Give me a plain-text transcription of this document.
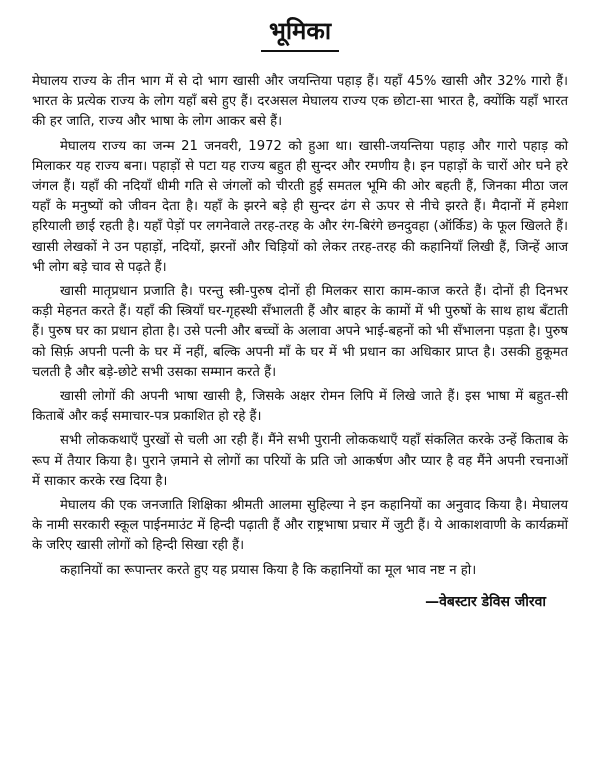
भूमिका

मेघालय राज्य के तीन भाग में से दो भाग खासी और जयन्तिया पहाड़ हैं। यहाँ 45% खासी और 32% गारो हैं। भारत के प्रत्येक राज्य के लोग यहाँ बसे हुए हैं। दरअसल मेघालय राज्य एक छोटा-सा भारत है, क्योंकि यहाँ भारत की हर जाति, राज्य और भाषा के लोग आकर बसे हैं।

मेघालय राज्य का जन्म 21 जनवरी, 1972 को हुआ था। खासी-जयन्तिया पहाड़ और गारो पहाड़ को मिलाकर यह राज्य बना। पहाड़ों से पटा यह राज्य बहुत ही सुन्दर और रमणीय है। इन पहाड़ों के चारों ओर घने हरे जंगल हैं। यहाँ की नदियाँ धीमी गति से जंगलों को चीरती हुई समतल भूमि की ओर बहती हैं, जिनका मीठा जल यहाँ के मनुष्यों को जीवन देता है। यहाँ के झरने बड़े ही सुन्दर ढंग से ऊपर से नीचे झरते हैं। मैदानों में हमेशा हरियाली छाई रहती है। यहाँ पेड़ों पर लगनेवाले तरह-तरह के और रंग-बिरंगे छनदुवहा (ऑर्किड) के फूल खिलते हैं। खासी लेखकों ने उन पहाड़ों, नदियों, झरनों और चिड़ियों को लेकर तरह-तरह की कहानियाँ लिखी हैं, जिन्हें आज भी लोग बड़े चाव से पढ़ते हैं।

खासी मातृप्रधान प्रजाति है। परन्तु स्त्री-पुरुष दोनों ही मिलकर सारा काम-काज करते हैं। दोनों ही दिनभर कड़ी मेहनत करते हैं। यहाँ की स्त्रियाँ घर-गृहस्थी सँभालती हैं और बाहर के कामों में भी पुरुषों के साथ हाथ बँटाती हैं। पुरुष घर का प्रधान होता है। उसे पत्नी और बच्चों के अलावा अपने भाई-बहनों को भी सँभालना पड़ता है। पुरुष को सिर्फ़ अपनी पत्नी के घर में नहीं, बल्कि अपनी माँ के घर में भी प्रधान का अधिकार प्राप्त है। उसकी हुकूमत चलती है और बड़े-छोटे सभी उसका सम्मान करते हैं।

खासी लोगों की अपनी भाषा खासी है, जिसके अक्षर रोमन लिपि में लिखे जाते हैं। इस भाषा में बहुत-सी किताबें और कई समाचार-पत्र प्रकाशित हो रहे हैं।

सभी लोककथाएँ पुरखों से चली आ रही हैं। मैंने सभी पुरानी लोककथाएँ यहाँ संकलित करके उन्हें किताब के रूप में तैयार किया है। पुराने ज़माने से लोगों का परियों के प्रति जो आकर्षण और प्यार है वह मैंने अपनी रचनाओं में साकार करके रख दिया है।

मेघालय की एक जनजाति शिक्षिका श्रीमती आलमा सुहिल्या ने इन कहानियों का अनुवाद किया है। मेघालय के नामी सरकारी स्कूल पाईनमाउंट में हिन्दी पढ़ाती हैं और राष्ट्रभाषा प्रचार में जुटी हैं। ये आकाशवाणी के कार्यक्रमों के जरिए खासी लोगों को हिन्दी सिखा रही हैं।

कहानियों का रूपान्तर करते हुए यह प्रयास किया है कि कहानियों का मूल भाव नष्ट न हो।

—वेबस्टार डेविस जीरवा
